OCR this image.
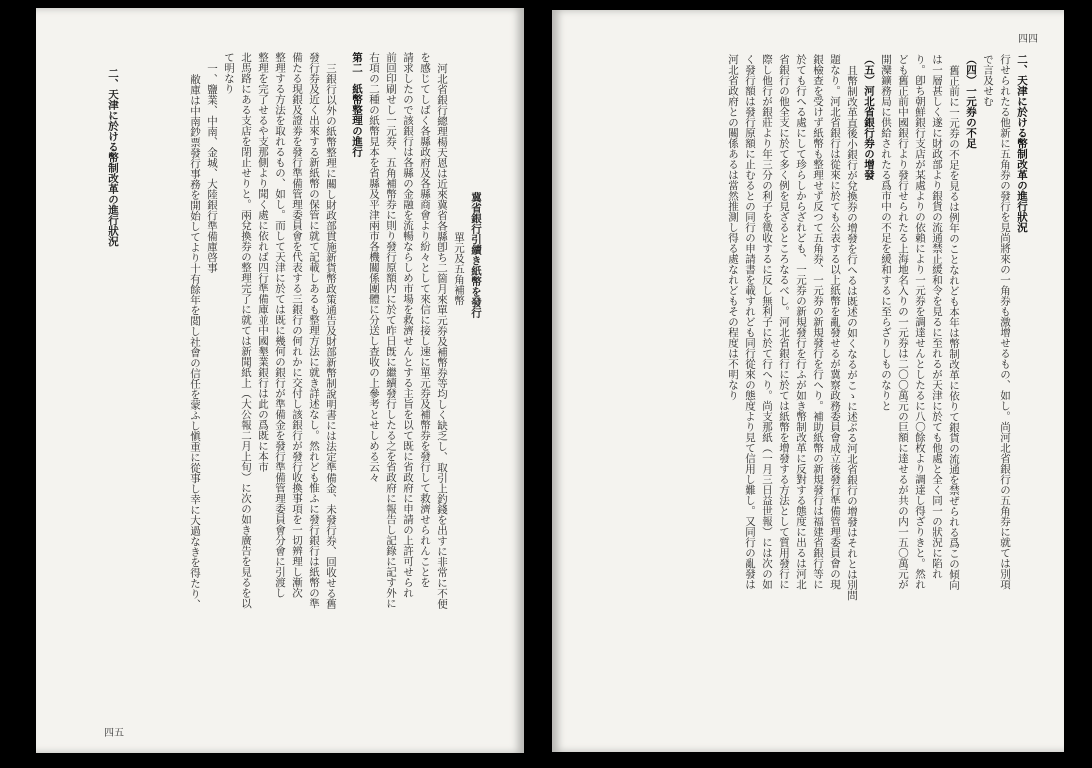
四五
冀省銀行引續き紙幣を發行
單元及五角補幣
河北省銀行總理楊天恩は近來冀省各縣卽ち二箇月來單元券及補幣券等均しく缺乏し、取引上釣錢を出すに非常に不便
を感じてしばく各縣政府及各縣商會より紛々として來信に接し速に單元券及補幣券を發行して救濟せられんことを
請求したので該銀行は各縣の金融を流暢ならしめ市場を救濟せんとする主旨を以て既に省政府に申請の上許可せられ
前回印刷せし一元券、五角補幣券に則り發行原額内に於て昨日旣に繼續發行したる之を省政府に報告し記錄に記す外に
右項の二種の紙幣見本を省縣及平津兩市各機關係團體に分送し查收の上參考とせしめる云々
第二　紙幣整理の進行
三銀行以外の紙幣整理に關し財政部貫施新貨幣政策通告及財部新幣制說明書には法定準備金、未發行券、回收せる舊
發行券及近く出來する新紙幣の保管に就て記載しあるも整理方法に就き詳述なし。然れども惟ふに發行銀行は紙幣の準
備たる現銀及證劵を發行準備管理委員會を代表する三銀行の何れかに交付し該銀行が發行收換事項を一切辨理し漸次
整理する方法を取れるもの、如し。而して天津に於ては既に幾何の銀行が準備金を發行準備管理委員會分會に引渡し
整理を完了せるや支那側より聞く處に依れば四行準備庫並中國墾業銀行は此の爲既に本市
北馬路にある支店を閉止せりと。兩兌換券の整理完了に就ては新聞紙上（大公報二月上旬）に次の如き廣告を見るを以
て明なり
一、鹽業、中南、金城、大陸銀行準備庫啓事
敝庫は中南鈔票發行事務を開始してより十有餘年を閲し社會の信任を蒙ふし愼重に從事し幸に大過なきを得たり、
二、天津に於ける幣制改革の進行狀況
四四
二、天津に於ける幣制改革の進行狀況
行せられたる他新に五角券の發行を見尚將來の一角券も激增せるもの、如し。尚河北省銀行の五角券に就ては別項
で言及せむ
（四）一元券の不足
舊正前に一元券の不足を見るは例年のことなれども本年は幣制改革に依りて銀貨の流通を禁ぜられる爲この傾向
は一層甚しく遂に財政部より銀貨の流通禁止緩和令を見るに至れるが天津に於ても他處と全く同一の狀況に陷れ
り。卽ち朝鮮銀行支店が某處よりの依賴により一元券を調達せんとしたるに八〇餘枚より調達し得ざりきと。然れ
ども舊正前中國銀行より發行せられたる上海地名入りの一元券は二〇〇萬元の巨額に達せるが共の内一五〇萬元が
開灤鑛務局に供給されたる爲市中の不足を緩和するに至らざりしものなりと
（五）河北省銀行券の增發
且幣制改革直後小銀行が兌換券の增發を行へるは既述の如くなるがこゝに述ぶる河北省銀行の增發はそれとは別問
題なり。河北省銀行は從來に於ても公表する以上紙幣を亂發せるが冀察政務委員會成立後發行準備管理委員會の現
銀檢查を受けず紙幣も整理せず反つて五角券、一元券の新規發行を行へり。補助紙幣の新規發行は福建省銀行等に
於ても行へる處にして珍らしからざれども、一元券の新規發行を行ふが如き幣制改革に反對する態度に出るは河北
省銀行の他全支に於て多く例を見ざるところなるべし。河北省銀行に於ては紙幣を增發する方法として質用發行に
際し他行が銀莊より年三分の利子を徵收するに反し無利子に於て行へり。尚支那紙（一月三日益世報）には次の如
く發行額は發行原額に止むるとの同行の申請書を載すれども同行從來の態度より見て信用し難し。又同行の亂發は
河北省政府との關係あるは當然推測し得る處なれどもその程度は不明なり
